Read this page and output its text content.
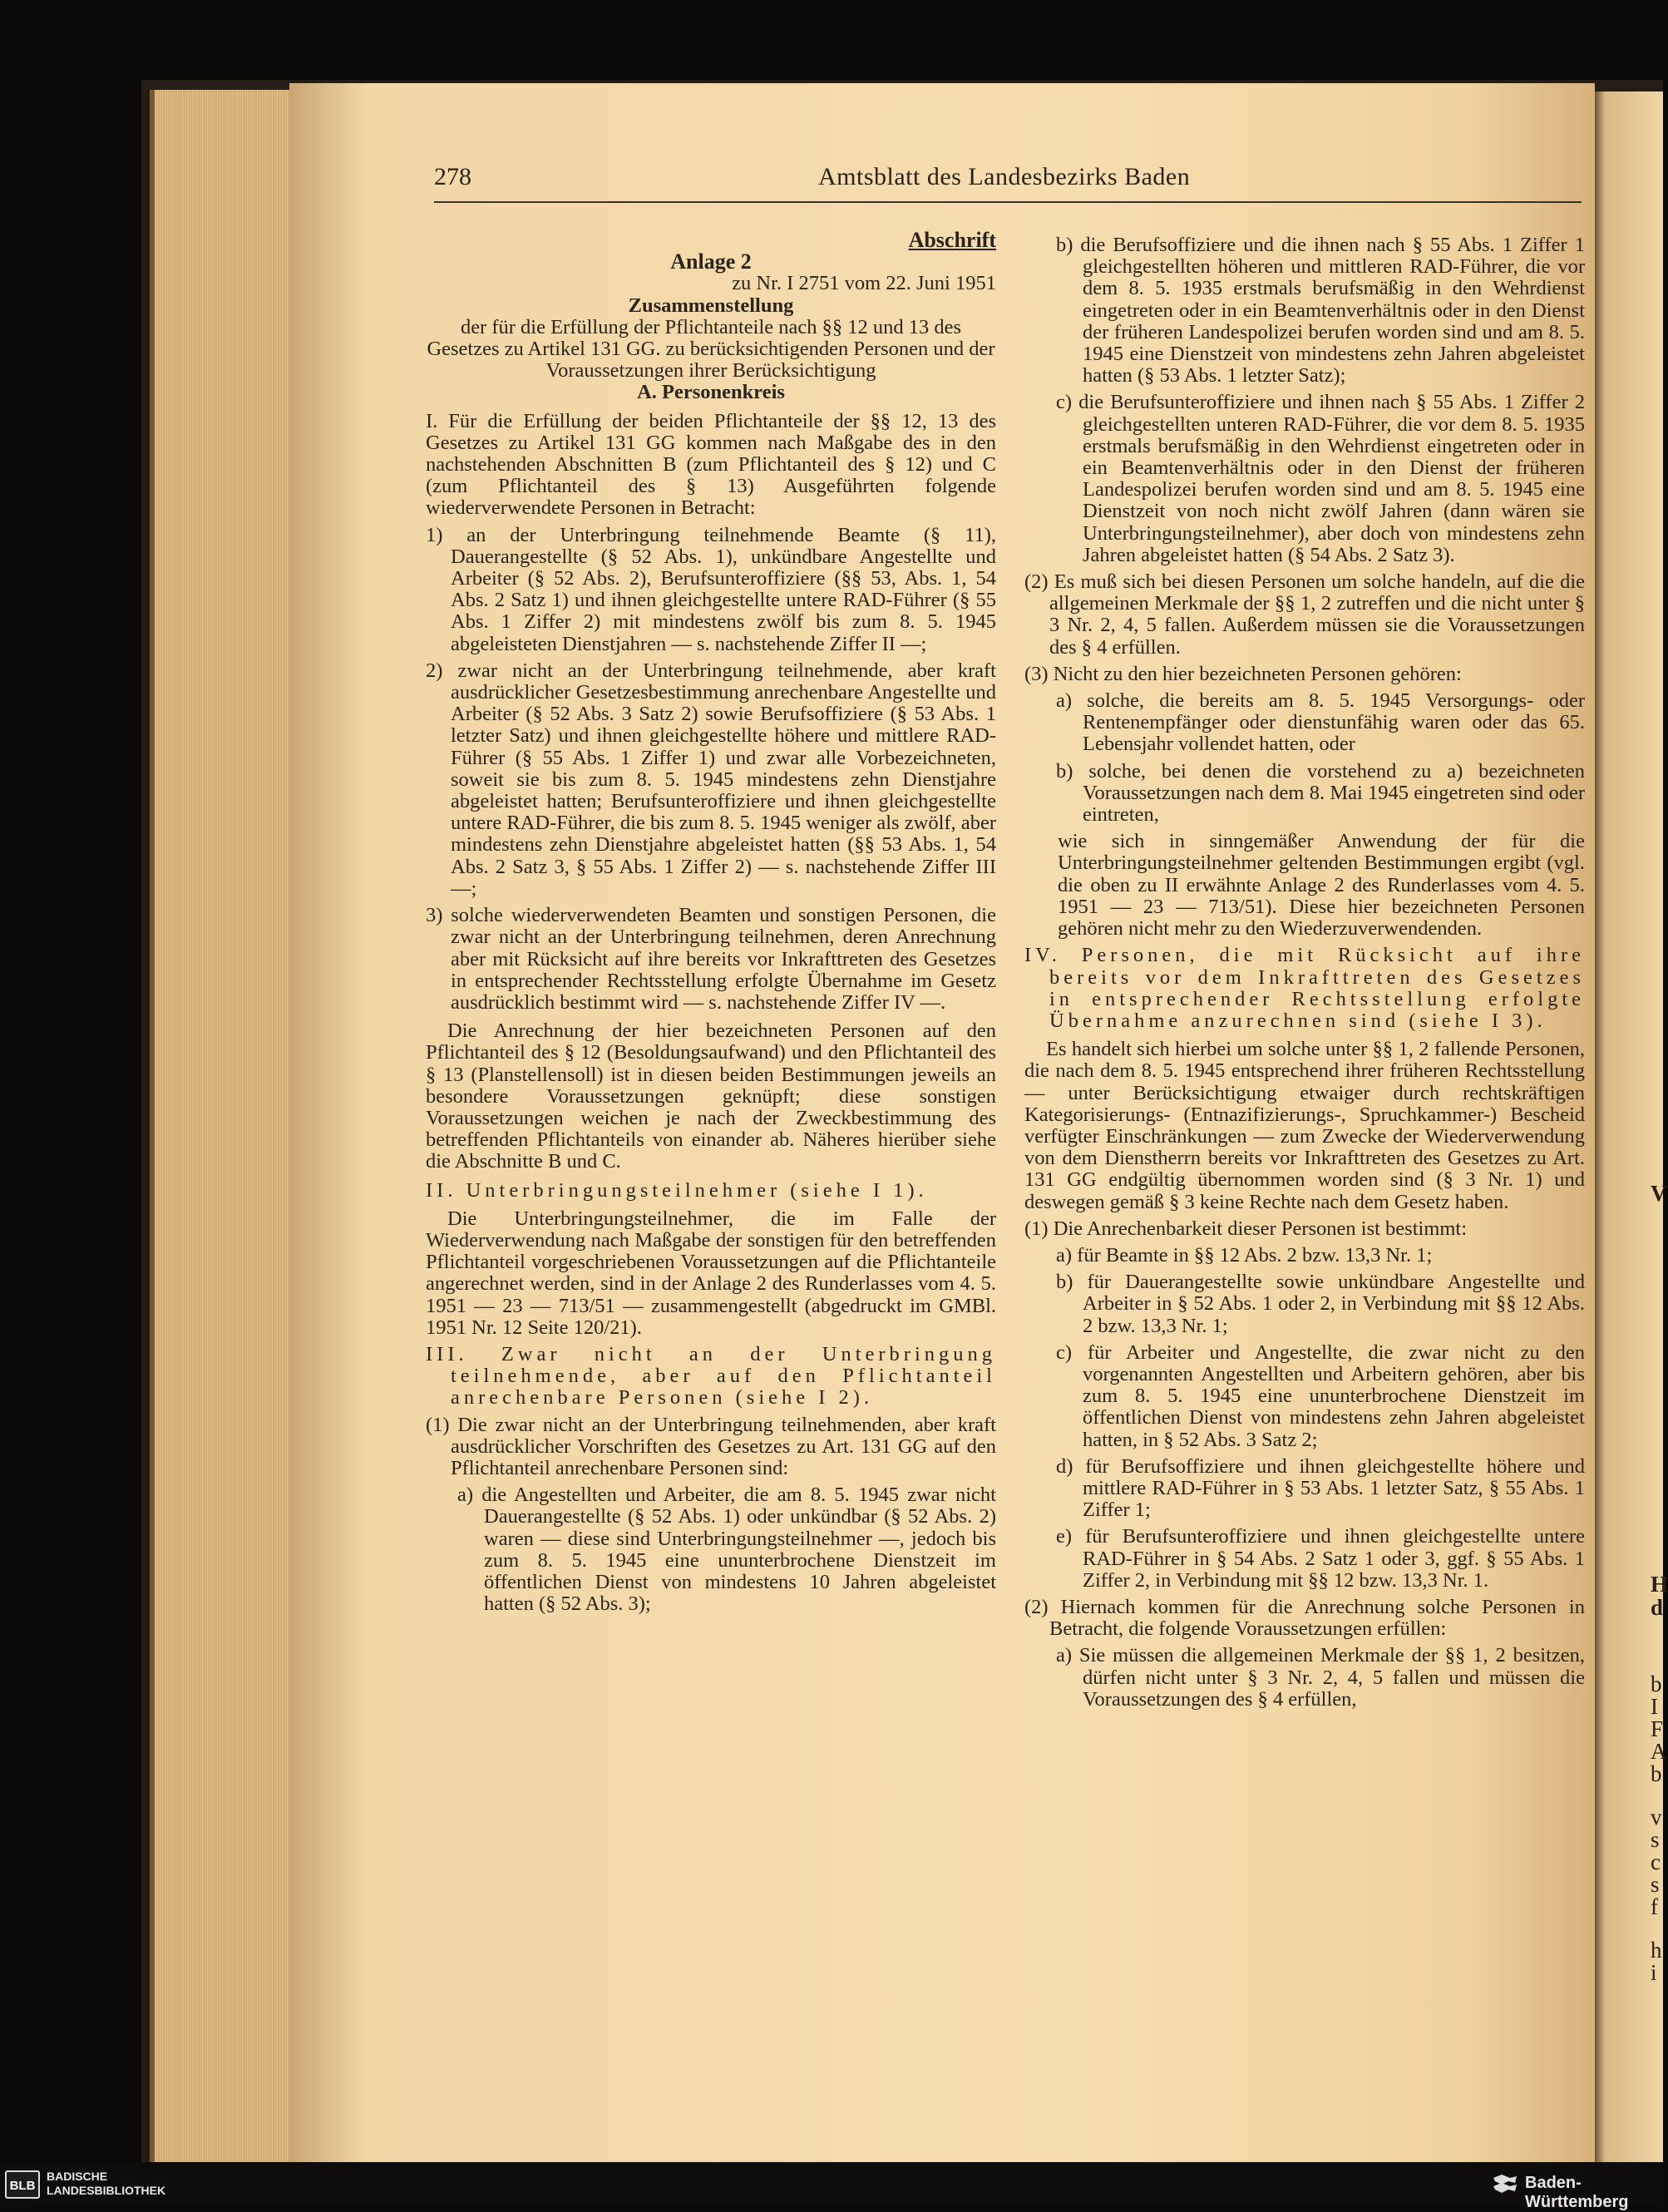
V
H
d
b
I
F
A
b
v
s
c
s
f
h
i
278	Amtsblatt des Landesbezirks Baden

Abschrift

Anlage 2

zu Nr. I 2751 vom 22. Juni 1951

Zusammenstellung

der für die Erfüllung der Pflichtanteile nach §§ 12 und 13 des Gesetzes zu Artikel 131 GG. zu berücksichtigenden Personen und der Voraussetzungen ihrer Berücksichtigung

A. Personenkreis

I. Für die Erfüllung der beiden Pflichtanteile der §§ 12, 13 des Gesetzes zu Artikel 131 GG kommen nach Maßgabe des in den nachstehenden Abschnitten B (zum Pflichtanteil des § 12) und C (zum Pflichtanteil des § 13) Ausgeführten folgende wiederverwendete Personen in Betracht:

1) an der Unterbringung teilnehmende Beamte (§ 11), Dauerangestellte (§ 52 Abs. 1), unkündbare Angestellte und Arbeiter (§ 52 Abs. 2), Berufsunteroffiziere (§§ 53, Abs. 1, 54 Abs. 2 Satz 1) und ihnen gleichgestellte untere RAD-Führer (§ 55 Abs. 1 Ziffer 2) mit mindestens zwölf bis zum 8. 5. 1945 abgeleisteten Dienstjahren — s. nachstehende Ziffer II —;

2) zwar nicht an der Unterbringung teilnehmende, aber kraft ausdrücklicher Gesetzesbestimmung anrechenbare Angestellte und Arbeiter (§ 52 Abs. 3 Satz 2) sowie Berufsoffiziere (§ 53 Abs. 1 letzter Satz) und ihnen gleichgestellte höhere und mittlere RAD-Führer (§ 55 Abs. 1 Ziffer 1) und zwar alle Vorbezeichneten, soweit sie bis zum 8. 5. 1945 mindestens zehn Dienstjahre abgeleistet hatten; Berufsunteroffiziere und ihnen gleichgestellte untere RAD-Führer, die bis zum 8. 5. 1945 weniger als zwölf, aber mindestens zehn Dienstjahre abgeleistet hatten (§§ 53 Abs. 1, 54 Abs. 2 Satz 3, § 55 Abs. 1 Ziffer 2) — s. nachstehende Ziffer III —;

3) solche wiederverwendeten Beamten und sonstigen Personen, die zwar nicht an der Unterbringung teilnehmen, deren Anrechnung aber mit Rücksicht auf ihre bereits vor Inkrafttreten des Gesetzes in entsprechender Rechtsstellung erfolgte Übernahme im Gesetz ausdrücklich bestimmt wird — s. nachstehende Ziffer IV —.

Die Anrechnung der hier bezeichneten Personen auf den Pflichtanteil des § 12 (Besoldungsaufwand) und den Pflichtanteil des § 13 (Planstellensoll) ist in diesen beiden Bestimmungen jeweils an besondere Voraussetzungen geknüpft; diese sonstigen Voraussetzungen weichen je nach der Zweckbestimmung des betreffenden Pflichtanteils von einander ab. Näheres hierüber siehe die Abschnitte B und C.

II. Unterbringungsteilnehmer (siehe I 1).

Die Unterbringungsteilnehmer, die im Falle der Wiederverwendung nach Maßgabe der sonstigen für den betreffenden Pflichtanteil vorgeschriebenen Voraussetzungen auf die Pflichtanteile angerechnet werden, sind in der Anlage 2 des Runderlasses vom 4. 5. 1951 — 23 — 713/51 — zusammengestellt (abgedruckt im GMBl. 1951 Nr. 12 Seite 120/21).

III. Zwar nicht an der Unterbringung teilnehmende, aber auf den Pflichtanteil anrechenbare Personen (siehe I 2).

(1) Die zwar nicht an der Unterbringung teilnehmenden, aber kraft ausdrücklicher Vorschriften des Gesetzes zu Art. 131 GG auf den Pflichtanteil anrechenbare Personen sind:

a) die Angestellten und Arbeiter, die am 8. 5. 1945 zwar nicht Dauerangestellte (§ 52 Abs. 1) oder unkündbar (§ 52 Abs. 2) waren — diese sind Unterbringungsteilnehmer —, jedoch bis zum 8. 5. 1945 eine ununterbrochene Dienstzeit im öffentlichen Dienst von mindestens 10 Jahren abgeleistet hatten (§ 52 Abs. 3);

b) die Berufsoffiziere und die ihnen nach § 55 Abs. 1 Ziffer 1 gleichgestellten höheren und mittleren RAD-Führer, die vor dem 8. 5. 1935 erstmals berufsmäßig in den Wehrdienst eingetreten oder in ein Beamtenverhältnis oder in den Dienst der früheren Landespolizei berufen worden sind und am 8. 5. 1945 eine Dienstzeit von mindestens zehn Jahren abgeleistet hatten (§ 53 Abs. 1 letzter Satz);

c) die Berufsunteroffiziere und ihnen nach § 55 Abs. 1 Ziffer 2 gleichgestellten unteren RAD-Führer, die vor dem 8. 5. 1935 erstmals berufsmäßig in den Wehrdienst eingetreten oder in ein Beamtenverhältnis oder in den Dienst der früheren Landespolizei berufen worden sind und am 8. 5. 1945 eine Dienstzeit von noch nicht zwölf Jahren (dann wären sie Unterbringungsteilnehmer), aber doch von mindestens zehn Jahren abgeleistet hatten (§ 54 Abs. 2 Satz 3).

(2) Es muß sich bei diesen Personen um solche handeln, auf die die allgemeinen Merkmale der §§ 1, 2 zutreffen und die nicht unter § 3 Nr. 2, 4, 5 fallen. Außerdem müssen sie die Voraussetzungen des § 4 erfüllen.

(3) Nicht zu den hier bezeichneten Personen gehören:

a) solche, die bereits am 8. 5. 1945 Versorgungs- oder Rentenempfänger oder dienstunfähig waren oder das 65. Lebensjahr vollendet hatten, oder

b) solche, bei denen die vorstehend zu a) bezeichneten Voraussetzungen nach dem 8. Mai 1945 eingetreten sind oder eintreten,

wie sich in sinngemäßer Anwendung der für die Unterbringungsteilnehmer geltenden Bestimmungen ergibt (vgl. die oben zu II erwähnte Anlage 2 des Runderlasses vom 4. 5. 1951 — 23 — 713/51). Diese hier bezeichneten Personen gehören nicht mehr zu den Wiederzuverwendenden.

IV. Personen, die mit Rücksicht auf ihre bereits vor dem Inkrafttreten des Gesetzes in entsprechender Rechtsstellung erfolgte Übernahme anzurechnen sind (siehe I 3).

Es handelt sich hierbei um solche unter §§ 1, 2 fallende Personen, die nach dem 8. 5. 1945 entsprechend ihrer früheren Rechtsstellung — unter Berücksichtigung etwaiger durch rechtskräftigen Kategorisierungs- (Entnazifizierungs-, Spruchkammer-) Bescheid verfügter Einschränkungen — zum Zwecke der Wiederverwendung von dem Dienstherrn bereits vor Inkrafttreten des Gesetzes zu Art. 131 GG endgültig übernommen worden sind (§ 3 Nr. 1) und deswegen gemäß § 3 keine Rechte nach dem Gesetz haben.

(1) Die Anrechenbarkeit dieser Personen ist bestimmt:

a) für Beamte in §§ 12 Abs. 2 bzw. 13,3 Nr. 1;

b) für Dauerangestellte sowie unkündbare Angestellte und Arbeiter in § 52 Abs. 1 oder 2, in Verbindung mit §§ 12 Abs. 2 bzw. 13,3 Nr. 1;

c) für Arbeiter und Angestellte, die zwar nicht zu den vorgenannten Angestellten und Arbeitern gehören, aber bis zum 8. 5. 1945 eine ununterbrochene Dienstzeit im öffentlichen Dienst von mindestens zehn Jahren abgeleistet hatten, in § 52 Abs. 3 Satz 2;

d) für Berufsoffiziere und ihnen gleichgestellte höhere und mittlere RAD-Führer in § 53 Abs. 1 letzter Satz, § 55 Abs. 1 Ziffer 1;

e) für Berufsunteroffiziere und ihnen gleichgestellte untere RAD-Führer in § 54 Abs. 2 Satz 1 oder 3, ggf. § 55 Abs. 1 Ziffer 2, in Verbindung mit §§ 12 bzw. 13,3 Nr. 1.

(2) Hiernach kommen für die Anrechnung solche Personen in Betracht, die folgende Voraussetzungen erfüllen:

a) Sie müssen die allgemeinen Merkmale der §§ 1, 2 besitzen, dürfen nicht unter § 3 Nr. 2, 4, 5 fallen und müssen die Voraussetzungen des § 4 erfüllen,

BLB
BADISCHE
LANDESBIBLIOTHEK	Baden-Württemberg
